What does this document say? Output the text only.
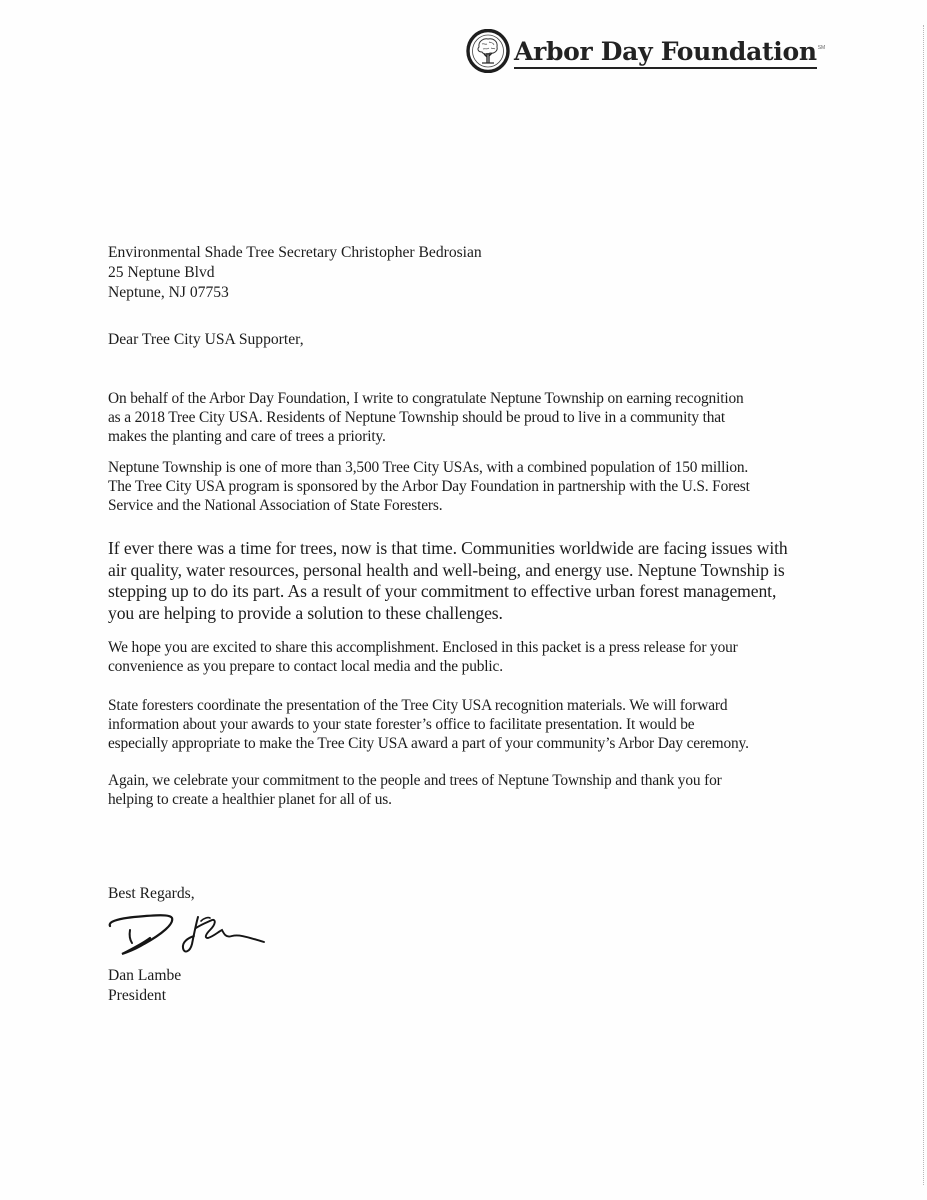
Arbor Day Foundation SM
Environmental Shade Tree Secretary Christopher Bedrosian
25 Neptune Blvd
Neptune, NJ 07753
Dear Tree City USA Supporter,
On behalf of the Arbor Day Foundation, I write to congratulate Neptune Township on earning recognition
as a 2018 Tree City USA. Residents of Neptune Township should be proud to live in a community that
makes the planting and care of trees a priority.
Neptune Township is one of more than 3,500 Tree City USAs, with a combined population of 150 million.
The Tree City USA program is sponsored by the Arbor Day Foundation in partnership with the U.S. Forest
Service and the National Association of State Foresters.
If ever there was a time for trees, now is that time. Communities worldwide are facing issues with
air quality, water resources, personal health and well-being, and energy use. Neptune Township is
stepping up to do its part. As a result of your commitment to effective urban forest management,
you are helping to provide a solution to these challenges.
We hope you are excited to share this accomplishment. Enclosed in this packet is a press release for your
convenience as you prepare to contact local media and the public.
State foresters coordinate the presentation of the Tree City USA recognition materials. We will forward
information about your awards to your state forester’s office to facilitate presentation. It would be
especially appropriate to make the Tree City USA award a part of your community’s Arbor Day ceremony.
Again, we celebrate your commitment to the people and trees of Neptune Township and thank you for
helping to create a healthier planet for all of us.
Best Regards,
Dan Lambe
President
